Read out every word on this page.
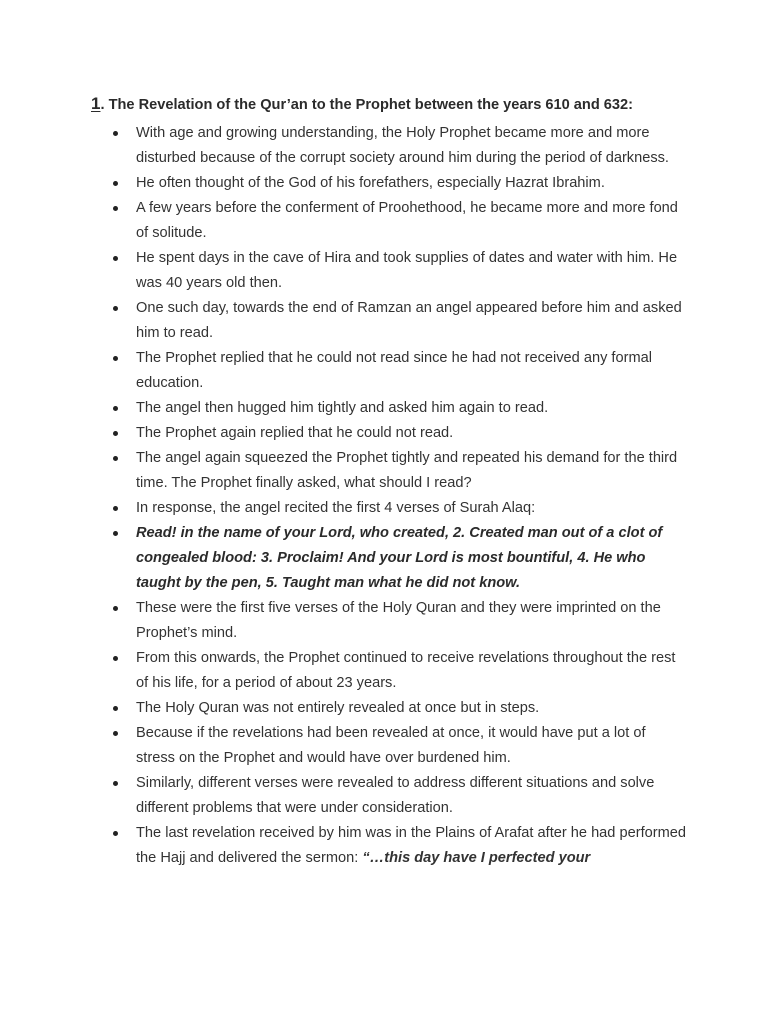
1. The Revelation of the Qur’an to the Prophet between the years 610 and 632:
With age and growing understanding, the Holy Prophet became more and more disturbed because of the corrupt society around him during the period of darkness.
He often thought of the God of his forefathers, especially Hazrat Ibrahim.
A few years before the conferment of Proohethood, he became more and more fond of solitude.
He spent days in the cave of Hira and took supplies of dates and water with him. He was 40 years old then.
One such day, towards the end of Ramzan an angel appeared before him and asked him to read.
The Prophet replied that he could not read since he had not received any formal education.
The angel then hugged him tightly and asked him again to read.
The Prophet again replied that he could not read.
The angel again squeezed the Prophet tightly and repeated his demand for the third time. The Prophet finally asked, what should I read?
In response, the angel recited the first 4 verses of Surah Alaq:
Read! in the name of your Lord, who created, 2. Created man out of a clot of congealed blood: 3. Proclaim! And your Lord is most bountiful, 4. He who taught by the pen, 5. Taught man what he did not know.
These were the first five verses of the Holy Quran and they were imprinted on the Prophet’s mind.
From this onwards, the Prophet continued to receive revelations throughout the rest of his life, for a period of about 23 years.
The Holy Quran was not entirely revealed at once but in steps.
Because if the revelations had been revealed at once, it would have put a lot of stress on the Prophet and would have over burdened him.
Similarly, different verses were revealed to address different situations and solve different problems that were under consideration.
The last revelation received by him was in the Plains of Arafat after he had performed the Hajj and delivered the sermon: “…this day have I perfected your
